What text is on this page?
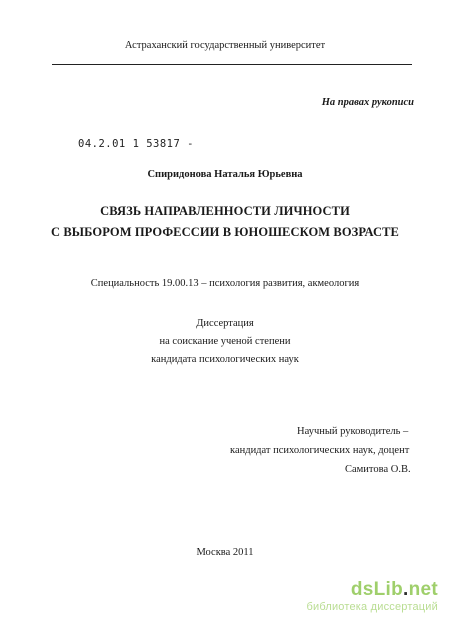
Астраханский государственный университет
На правах рукописи
04.2.01 1 53817 -
Спиридонова Наталья Юрьевна
СВЯЗЬ НАПРАВЛЕННОСТИ ЛИЧНОСТИ
С ВЫБОРОМ ПРОФЕССИИ В ЮНОШЕСКОМ ВОЗРАСТЕ
Специальность 19.00.13 – психология развития, акмеология
Диссертация
на соискание ученой степени
кандидата психологических наук
Научный руководитель –
кандидат психологических наук, доцент
Самитова О.В.
Москва 2011
dsLib.net
библиотека диссертаций
